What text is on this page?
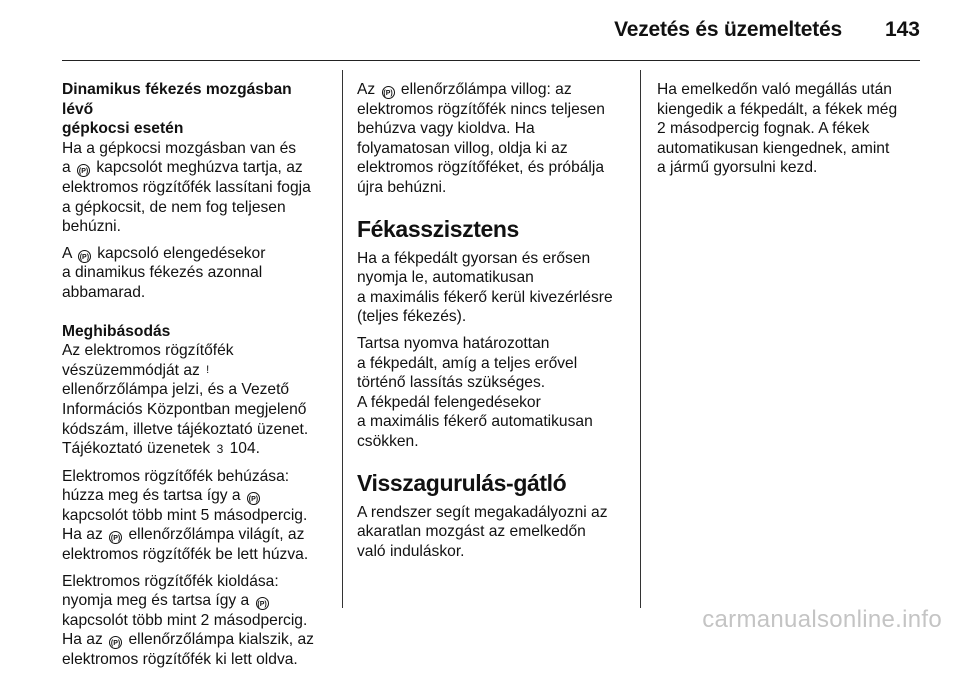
Vezetés és üzemeltetés 143
Dinamikus fékezés mozgásban lévő
gépkocsi esetén

Ha a gépkocsi mozgásban van és
a (P) kapcsolót meghúzva tartja, az
elektromos rögzítőfék lassítani fogja
a gépkocsit, de nem fog teljesen
behúzni.

A (P) kapcsoló elengedésekor
a dinamikus fékezés azonnal
abbamarad.

Meghibásodás

Az elektromos rögzítőfék
vészüzemmódját az !
ellenőrzőlámpa jelzi, és a Vezető
Információs Központban megjelenő
kódszám, illetve tájékoztató üzenet.
Tájékoztató üzenetek 3 104.

Elektromos rögzítőfék behúzása:
húzza meg és tartsa így a (P)
kapcsolót több mint 5 másodpercig.
Ha az (P) ellenőrzőlámpa világít, az
elektromos rögzítőfék be lett húzva.

Elektromos rögzítőfék kioldása:
nyomja meg és tartsa így a (P)
kapcsolót több mint 2 másodpercig.
Ha az (P) ellenőrzőlámpa kialszik, az
elektromos rögzítőfék ki lett oldva.

Az (P) ellenőrzőlámpa villog: az
elektromos rögzítőfék nincs teljesen
behúzva vagy kioldva. Ha
folyamatosan villog, oldja ki az
elektromos rögzítőféket, és próbálja
újra behúzni.

Fékasszisztens

Ha a fékpedált gyorsan és erősen
nyomja le, automatikusan
a maximális fékerő kerül kivezérlésre
(teljes fékezés).

Tartsa nyomva határozottan
a fékpedált, amíg a teljes erővel
történő lassítás szükséges.
A fékpedál felengedésekor
a maximális fékerő automatikusan
csökken.

Visszagurulás-gátló

A rendszer segít megakadályozni az
akaratlan mozgást az emelkedőn
való induláskor.

Ha emelkedőn való megállás után
kiengedik a fékpedált, a fékek még
2 másodpercig fognak. A fékek
automatikusan kiengednek, amint
a jármű gyorsulni kezd.

carmanualsonline.info
